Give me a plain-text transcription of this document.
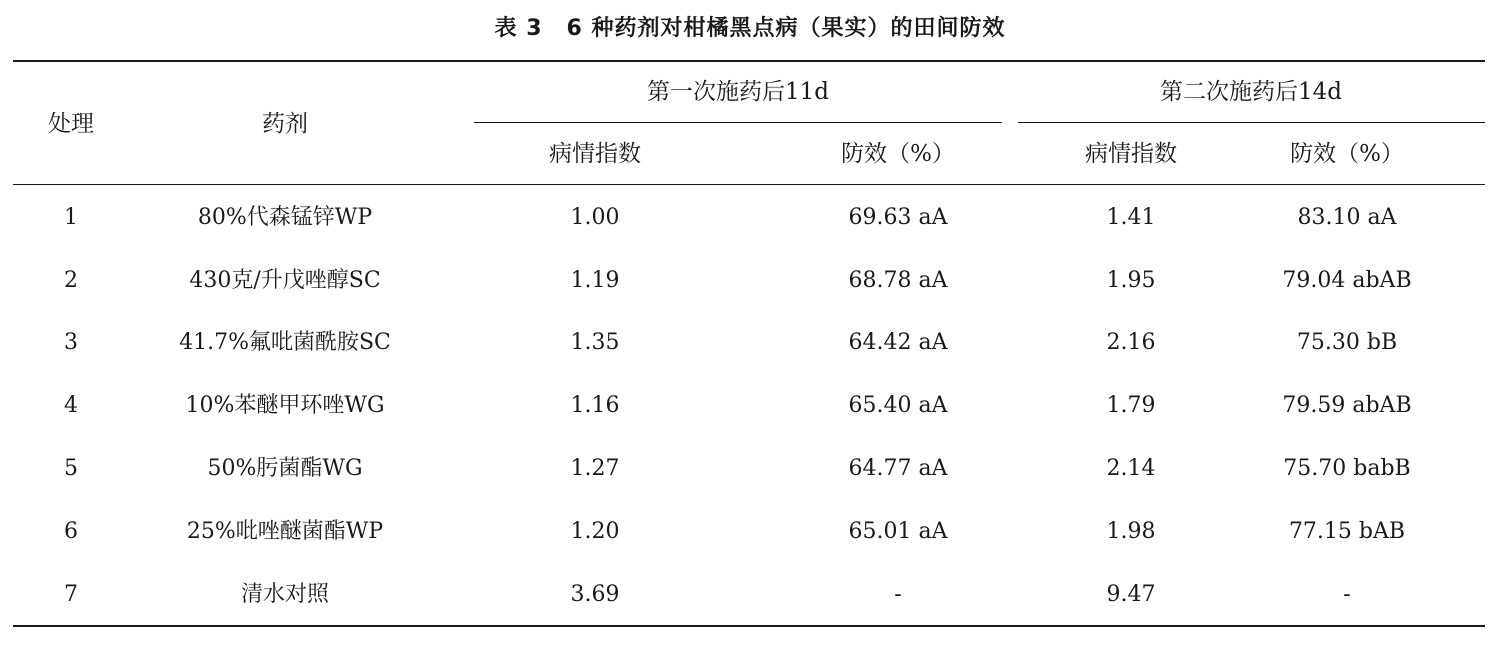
表 3 6 种药剂对柑橘黑点病（果实）的田间防效
处理	药剂
第一次施药后11d	第二次施药后14d
病情指数	防效（%）	病情指数	防效（%）
1	80%代森锰锌WP	1.00	69.63 aA	1.41	83.10 aA
2	430克/升戊唑醇SC	1.19	68.78 aA	1.95	79.04 abAB
3	41.7%氟吡菌酰胺SC	1.35	64.42 aA	2.16	75.30 bB
4	10%苯醚甲环唑WG	1.16	65.40 aA	1.79	79.59 abAB
5	50%肟菌酯WG	1.27	64.77 aA	2.14	75.70 babB
6	25%吡唑醚菌酯WP	1.20	65.01 aA	1.98	77.15 bAB
7	清水对照	3.69	-	9.47	-
